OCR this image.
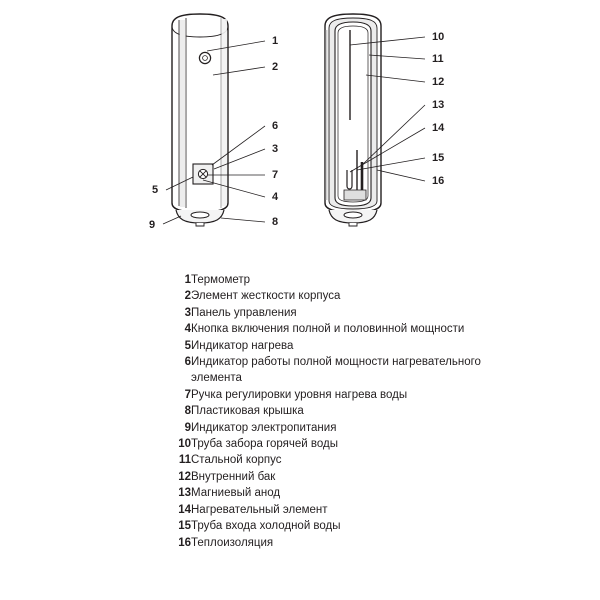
1
2
6
3
7
4
5
9	8
10
11
12
13
14
15
16
1	Термометр
2	Элемент жесткости корпуса
3	Панель управления
4	Кнопка включения полной и половинной мощности
5	Индикатор нагрева
6	Индикатор работы полной мощности нагревательного элемента
7	Ручка регулировки уровня нагрева воды
8	Пластиковая крышка
9	Индикатор электропитания
10	Труба забора горячей воды
11	Стальной корпус
12	Внутренний бак
13	Магниевый анод
14	Нагревательный элемент
15	Труба входа холодной воды
16	Теплоизоляция
